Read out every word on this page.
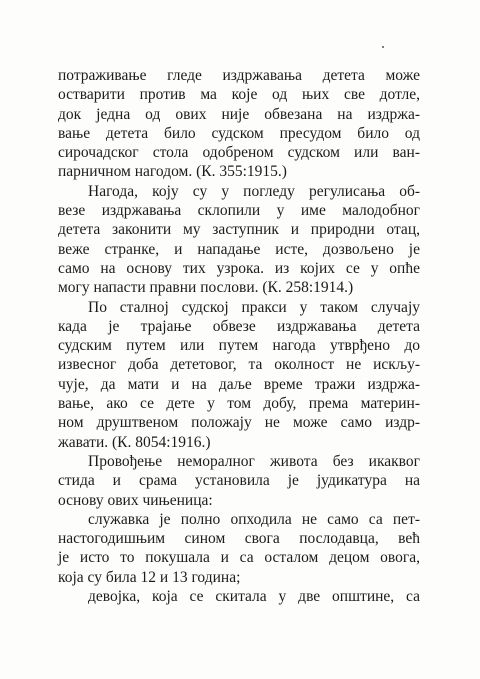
потраживање гледе издржавања детета може
остварити против ма које од њих све дотле,
док једна од ових није обвезана на издржа-
вање детета било судском пресудом било од
сирочадског стола одобреном судском или ван-
парничном нагодом. (К. 355:1915.)
Нагода, коју су у погледу регулисања об-
везе издржавања склопили у име малодобног
детета законити му заступник и природни отац,
веже странке, и нападање исте, дозвољено је
само на основу тих узрока. из којих се у опће
могу напасти правни послови. (К. 258:1914.)
По сталној судској пракси у таком случају
када је трајање обвезе издржавања детета
судским путем или путем нагода утврђено до
извесног доба дететовог, та околност не искљу-
чује, да мати и на даље време тражи издржа-
вање, ако се дете у том добу, према материн-
ном друштвеном положају не може само издр-
жавати. (К. 8054:1916.)
Провођење неморалног живота без икаквог
стида и срама установила је јудикатура на
основу ових чињеница:
служавка је полно опходила не само са пет-
настогодишњим сином свога послодавца, већ
је исто то покушала и са осталом децом овога,
која су била 12 и 13 година;
девојка, која се скитала у две општине, са
